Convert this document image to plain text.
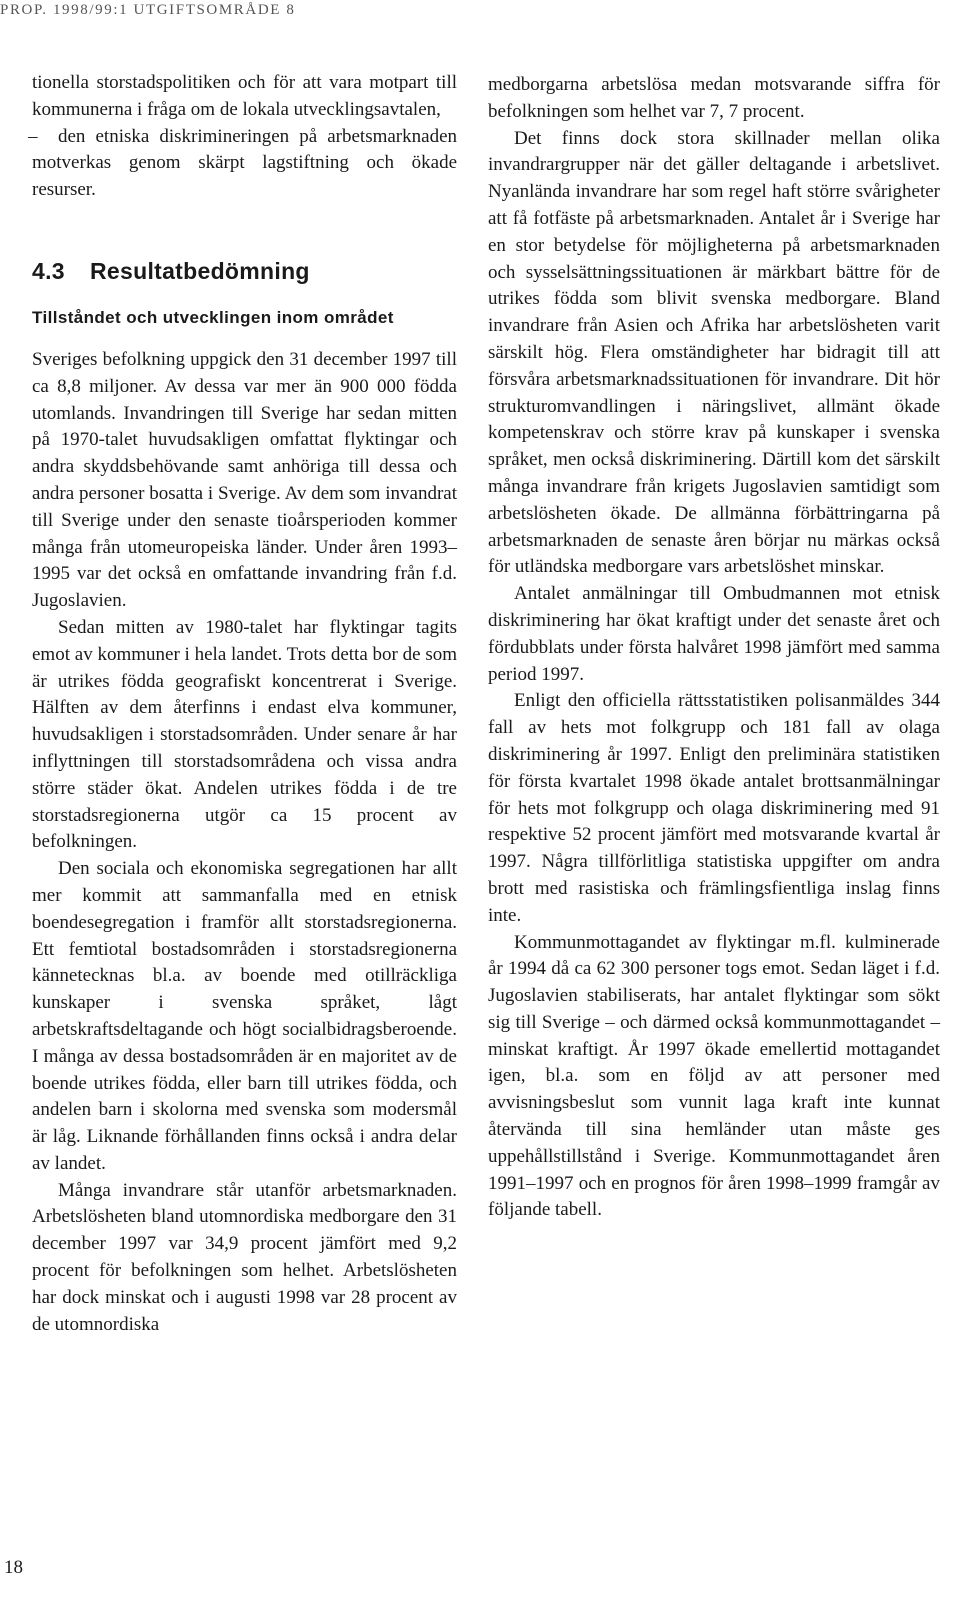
PROP. 1998/99:1 UTGIFTSOMRÅDE 8

tionella storstadspolitiken och för att vara motpart till kommunerna i fråga om de lokala utvecklingsavtalen,

– den etniska diskrimineringen på arbetsmarknaden motverkas genom skärpt lagstiftning och ökade resurser.

4.3 Resultatbedömning
Tillståndet och utvecklingen inom området

Sveriges befolkning uppgick den 31 december 1997 till ca 8,8 miljoner. Av dessa var mer än 900 000 födda utomlands. Invandringen till Sverige har sedan mitten på 1970-talet huvudsakligen omfattat flyktingar och andra skyddsbehövande samt anhöriga till dessa och andra personer bosatta i Sverige. Av dem som invandrat till Sverige under den senaste tioårsperioden kommer många från utomeuropeiska länder. Under åren 1993–1995 var det också en omfattande invandring från f.d. Jugoslavien.

Sedan mitten av 1980-talet har flyktingar tagits emot av kommuner i hela landet. Trots detta bor de som är utrikes födda geografiskt koncentrerat i Sverige. Hälften av dem återfinns i endast elva kommuner, huvudsakligen i storstadsområden. Under senare år har inflyttningen till storstadsområdena och vissa andra större städer ökat. Andelen utrikes födda i de tre storstadsregionerna utgör ca 15 procent av befolkningen.

Den sociala och ekonomiska segregationen har allt mer kommit att sammanfalla med en etnisk boendesegregation i framför allt storstadsregionerna. Ett femtiotal bostadsområden i storstadsregionerna kännetecknas bl.a. av boende med otillräckliga kunskaper i svenska språket, lågt arbetskraftsdeltagande och högt socialbidragsberoende. I många av dessa bostadsområden är en majoritet av de boende utrikes födda, eller barn till utrikes födda, och andelen barn i skolorna med svenska som modersmål är låg. Liknande förhållanden finns också i andra delar av landet.

Många invandrare står utanför arbetsmarknaden. Arbetslösheten bland utomnordiska medborgare den 31 december 1997 var 34,9 procent jämfört med 9,2 procent för befolkningen som helhet. Arbetslösheten har dock minskat och i augusti 1998 var 28 procent av de utomnordiska

medborgarna arbetslösa medan motsvarande siffra för befolkningen som helhet var 7, 7 procent.

Det finns dock stora skillnader mellan olika invandrargrupper när det gäller deltagande i arbetslivet. Nyanlända invandrare har som regel haft större svårigheter att få fotfäste på arbetsmarknaden. Antalet år i Sverige har en stor betydelse för möjligheterna på arbetsmarknaden och sysselsättningssituationen är märkbart bättre för de utrikes födda som blivit svenska medborgare. Bland invandrare från Asien och Afrika har arbetslösheten varit särskilt hög. Flera omständigheter har bidragit till att försvåra arbetsmarknadssituationen för invandrare. Dit hör strukturomvandlingen i näringslivet, allmänt ökade kompetenskrav och större krav på kunskaper i svenska språket, men också diskriminering. Därtill kom det särskilt många invandrare från krigets Jugoslavien samtidigt som arbetslösheten ökade. De allmänna förbättringarna på arbetsmarknaden de senaste åren börjar nu märkas också för utländska medborgare vars arbetslöshet minskar.

Antalet anmälningar till Ombudmannen mot etnisk diskriminering har ökat kraftigt under det senaste året och fördubblats under första halvåret 1998 jämfört med samma period 1997.

Enligt den officiella rättsstatistiken polisanmäldes 344 fall av hets mot folkgrupp och 181 fall av olaga diskriminering år 1997. Enligt den preliminära statistiken för första kvartalet 1998 ökade antalet brottsanmälningar för hets mot folkgrupp och olaga diskriminering med 91 respektive 52 procent jämfört med motsvarande kvartal år 1997. Några tillförlitliga statistiska uppgifter om andra brott med rasistiska och främlingsfientliga inslag finns inte.

Kommunmottagandet av flyktingar m.fl. kulminerade år 1994 då ca 62 300 personer togs emot. Sedan läget i f.d. Jugoslavien stabiliserats, har antalet flyktingar som sökt sig till Sverige – och därmed också kommunmottagandet – minskat kraftigt. År 1997 ökade emellertid mottagandet igen, bl.a. som en följd av att personer med avvisningsbeslut som vunnit laga kraft inte kunnat återvända till sina hemländer utan måste ges uppehållstillstånd i Sverige. Kommunmottagandet åren 1991–1997 och en prognos för åren 1998–1999 framgår av följande tabell.

18
